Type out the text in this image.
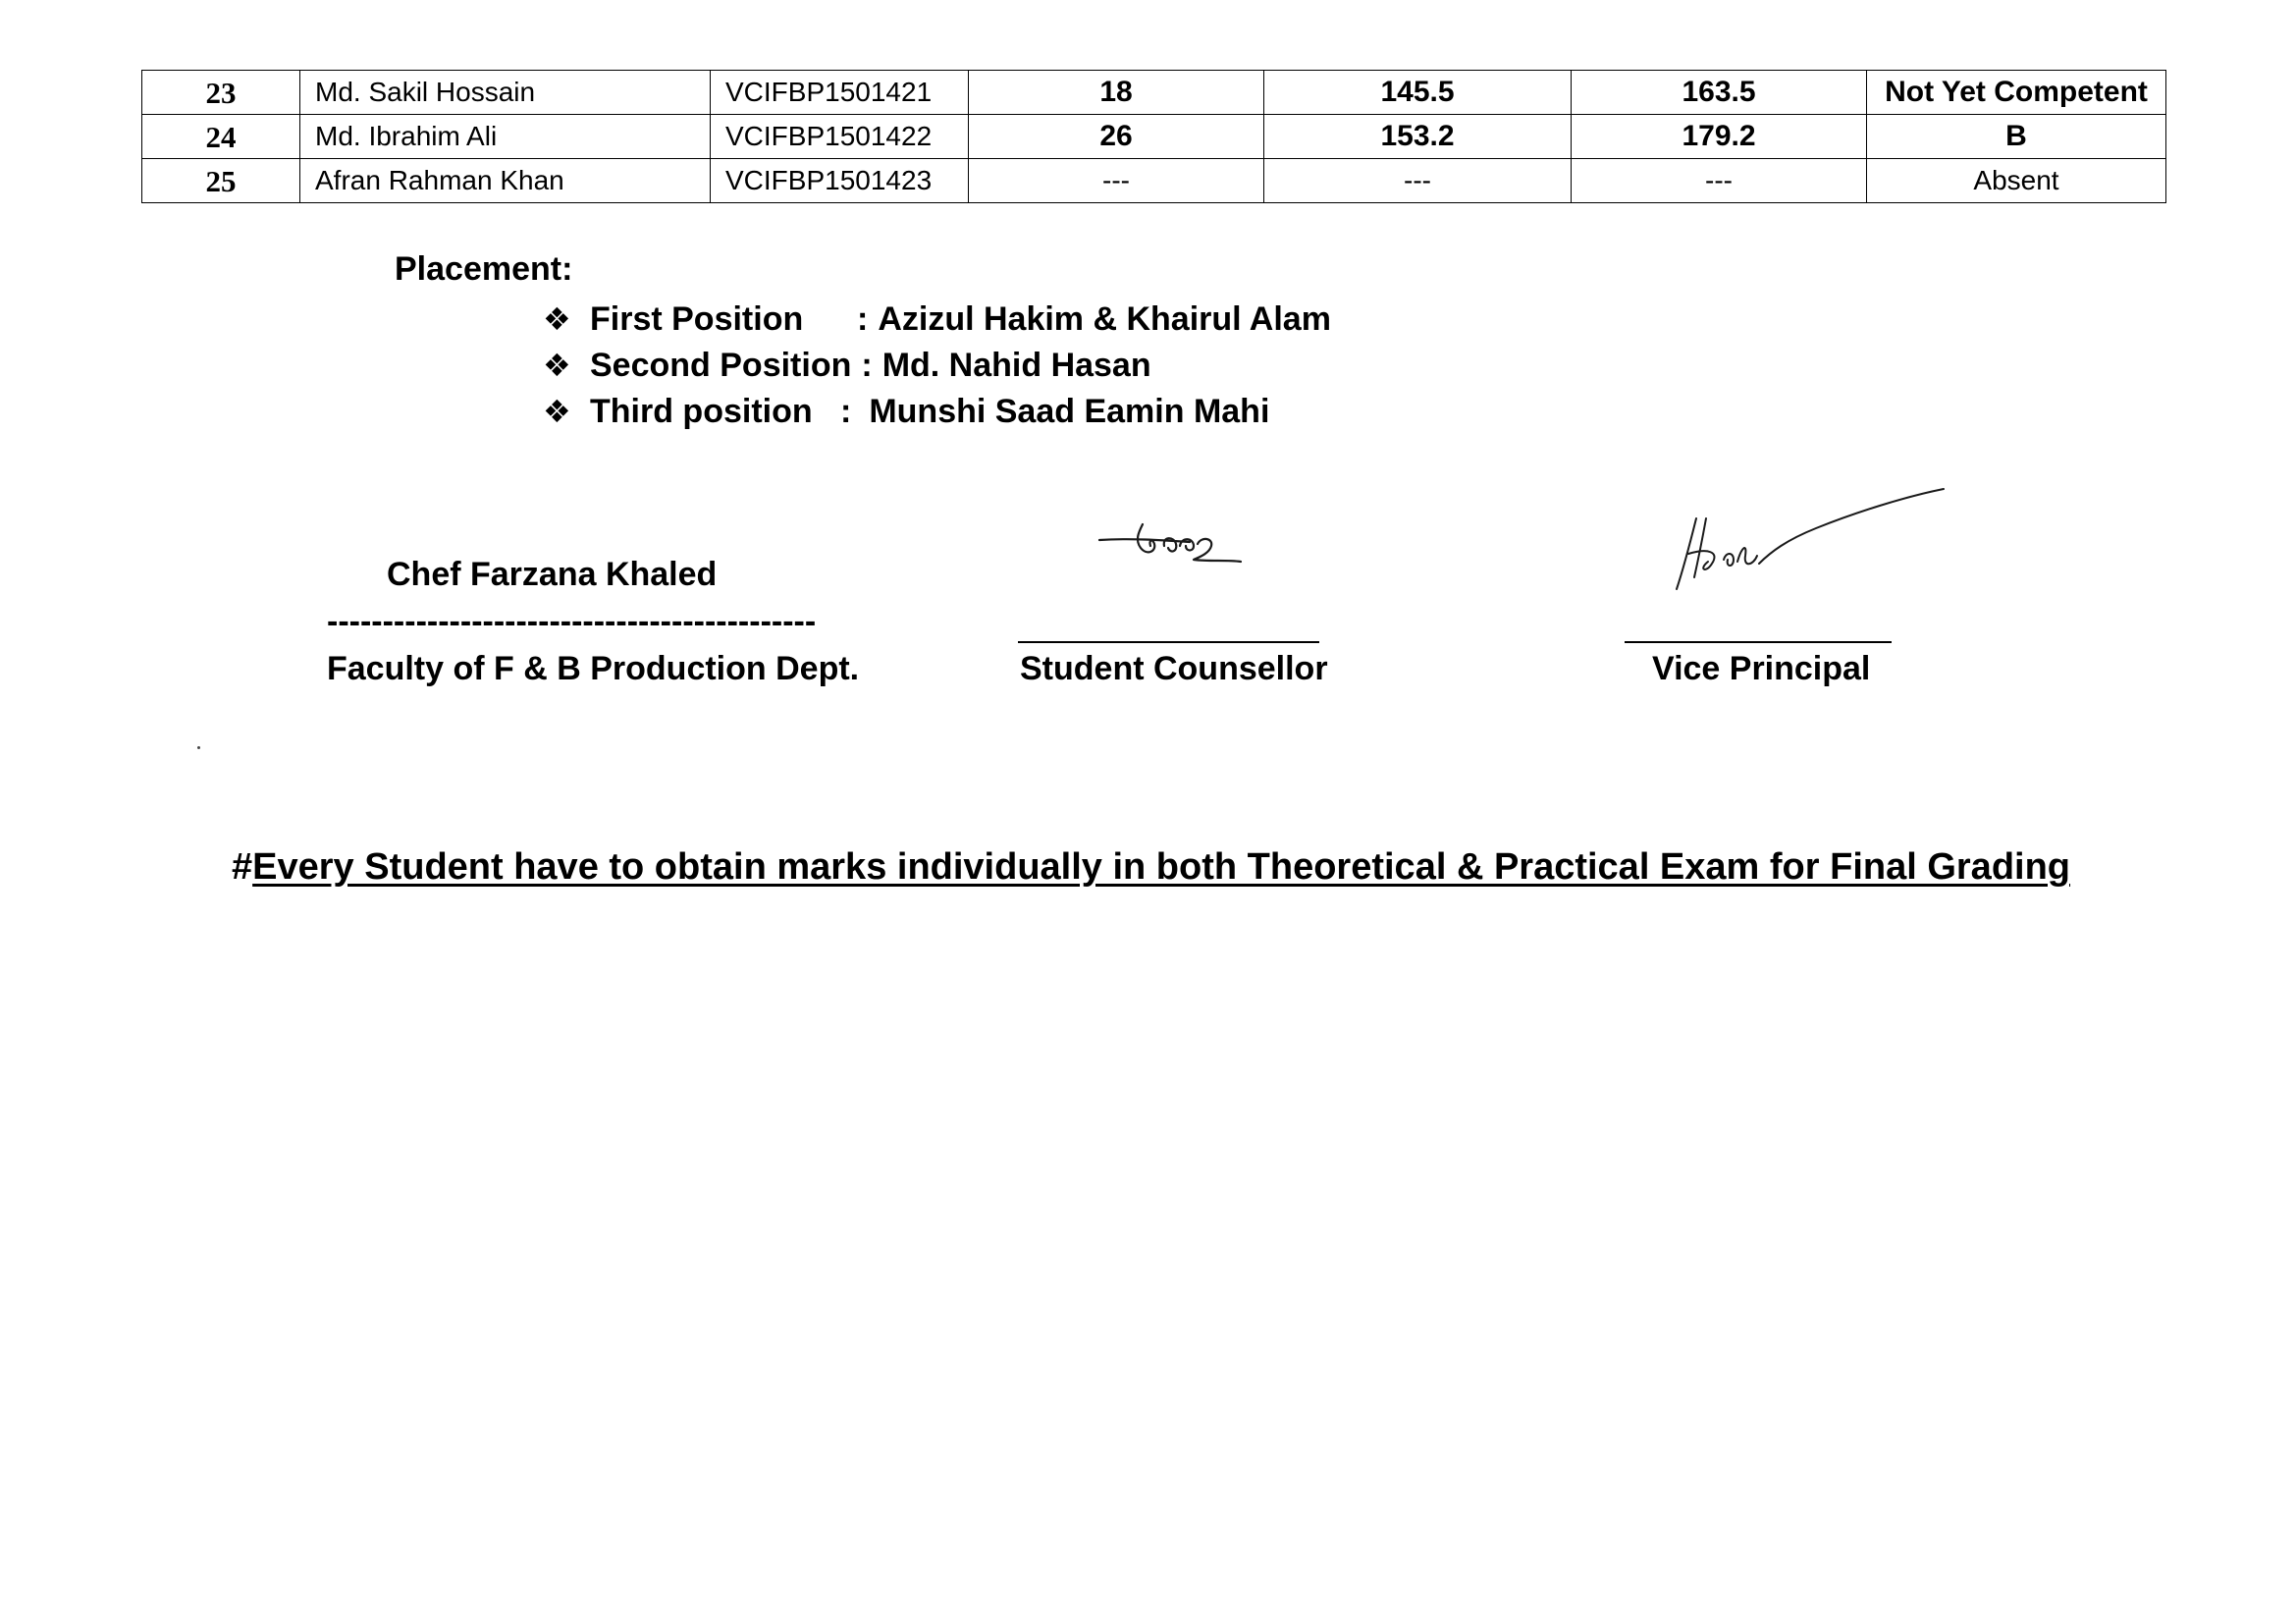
23	Md. Sakil Hossain	VCIFBP1501421	18	145.5	163.5	Not Yet Competent
24	Md. Ibrahim Ali	VCIFBP1501422	26	153.2	179.2	B
25	Afran Rahman Khan	VCIFBP1501423	---	---	---	Absent
Placement:
❖ First Position	: Azizul Hakim & Khairul Alam
❖ Second Position : Md. Nahid Hasan
❖ Third position : Munshi Saad Eamin Mahi
Chef Farzana Khaled
--------------------------------------------
Faculty of F & B Production Dept.	Student Counsellor	Vice Principal
#Every Student have to obtain marks individually in both Theoretical & Practical Exam for Final Grading
